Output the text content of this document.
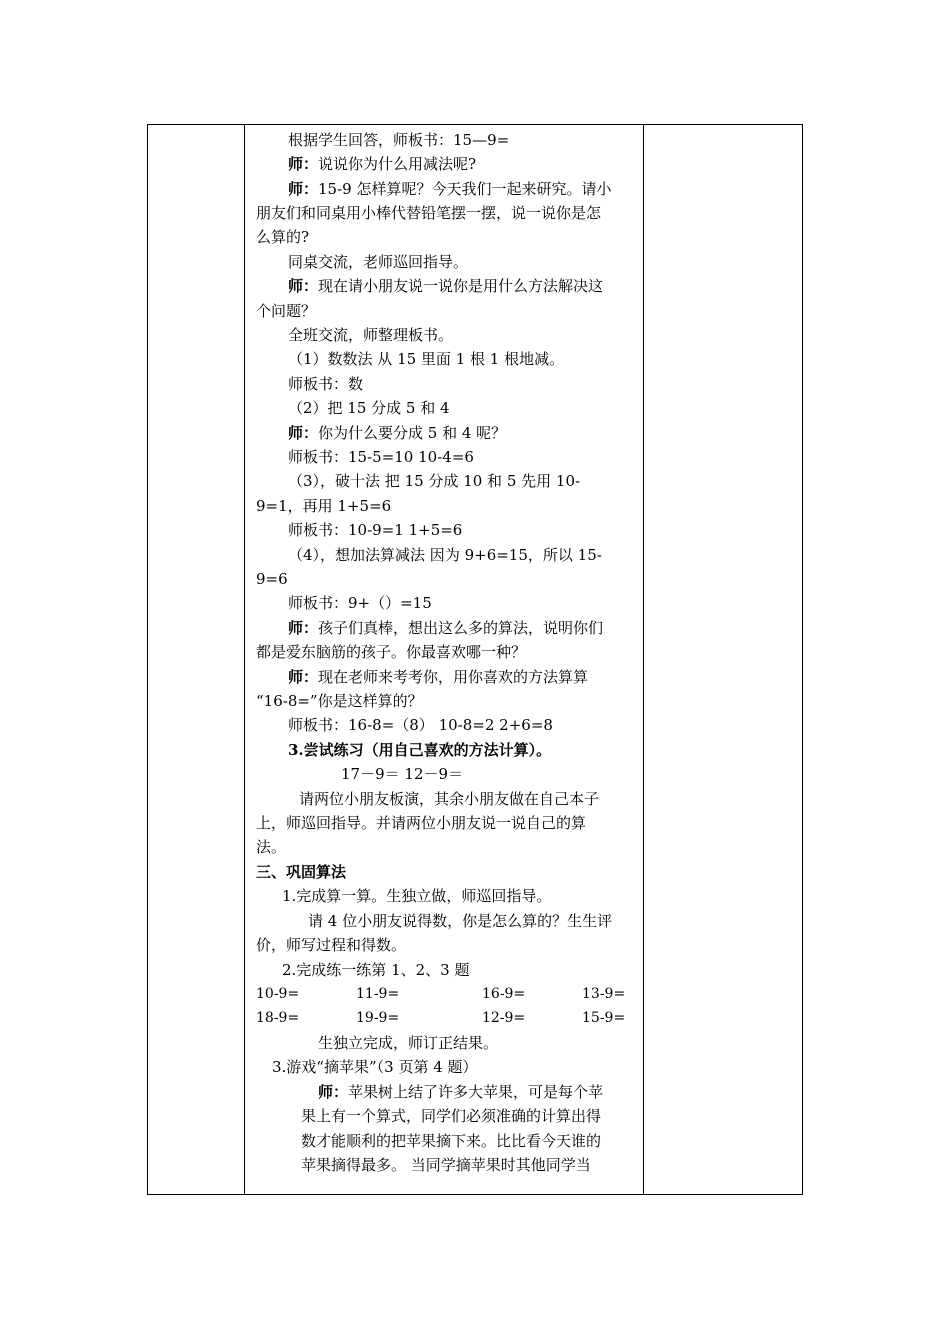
根据学生回答，师板书：15—9=
师：说说你为什么用减法呢?
师：15-9 怎样算呢？今天我们一起来研究。请小
朋友们和同桌用小棒代替铅笔摆一摆，说一说你是怎
么算的?
同桌交流，老师巡回指导。
师：现在请小朋友说一说你是用什么方法解决这
个问题？
全班交流，师整理板书。
（1）数数法 从 15 里面 1 根 1 根地减。
师板书：数
（2）把 15 分成 5 和 4
师：你为什么要分成 5 和 4 呢？
师板书：15-5=10 10-4=6
（3），破十法 把 15 分成 10 和 5 先用 10-
9=1，再用 1+5=6
师板书：10-9=1 1+5=6
（4），想加法算减法 因为 9+6=15，所以 15-
9=6
师板书：9+（）=15
师：孩子们真棒，想出这么多的算法，说明你们
都是爱东脑筋的孩子。你最喜欢哪一种？
师：现在老师来考考你，用你喜欢的方法算算
“16-8=”你是这样算的？
师板书：16-8=（8） 10-8=2 2+6=8
3.尝试练习（用自己喜欢的方法计算）。
17－9＝ 12－9＝
请两位小朋友板演，其余小朋友做在自己本子
上，师巡回指导。并请两位小朋友说一说自己的算
法。
三、巩固算法
1.完成算一算。生独立做，师巡回指导。
请 4 位小朋友说得数，你是怎么算的？生生评
价，师写过程和得数。
2.完成练一练第 1、2、3 题
10-9=	11-9=	16-9=	13-9=
18-9=	19-9=	12-9=	15-9=
生独立完成，师订正结果。
3.游戏“摘苹果”（3 页第 4 题）
师：苹果树上结了许多大苹果，可是每个苹
果上有一个算式，同学们必须准确的计算出得
数才能顺利的把苹果摘下来。比比看今天谁的
苹果摘得最多。 当同学摘苹果时其他同学当
